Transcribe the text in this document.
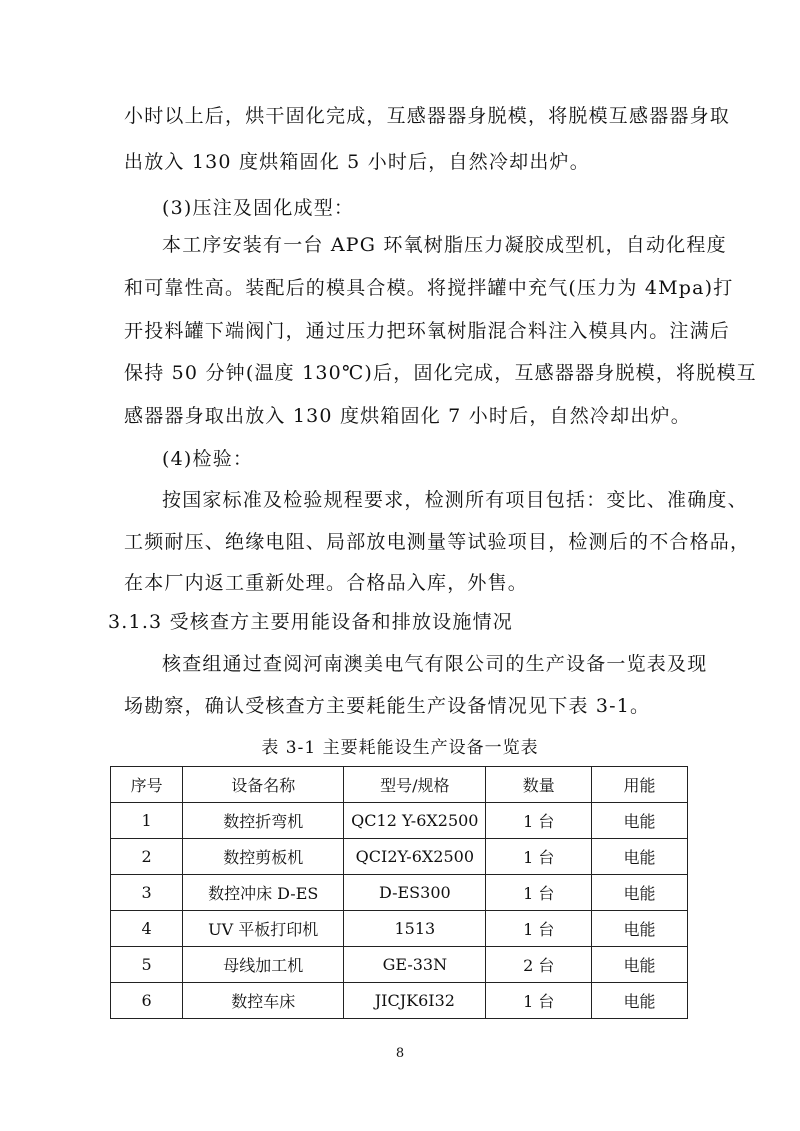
小时以上后，烘干固化完成，互感器器身脱模，将脱模互感器器身取
出放入 130 度烘箱固化 5 小时后，自然冷却出炉。
(3)压注及固化成型：
本工序安装有一台 APG 环氧树脂压力凝胶成型机，自动化程度
和可靠性高。装配后的模具合模。将搅拌罐中充气(压力为 4Mpa)打
开投料罐下端阀门，通过压力把环氧树脂混合料注入模具内。注满后
保持 50 分钟(温度 130℃)后，固化完成，互感器器身脱模，将脱模互
感器器身取出放入 130 度烘箱固化 7 小时后，自然冷却出炉。
(4)检验：
按国家标准及检验规程要求，检测所有项目包括：变比、准确度、
工频耐压、绝缘电阻、局部放电测量等试验项目，检测后的不合格品，
在本厂内返工重新处理。合格品入库，外售。
3.1.3 受核查方主要用能设备和排放设施情况
核查组通过查阅河南澳美电气有限公司的生产设备一览表及现
场勘察，确认受核查方主要耗能生产设备情况见下表 3-1。
表 3-1 主要耗能设生产设备一览表
序号	设备名称	型号/规格	数量	用能
1	数控折弯机	QC12 Y-6X2500	1 台	电能
2	数控剪板机	QCI2Y-6X2500	1 台	电能
3	数控冲床 D-ES	D-ES300	1 台	电能
4	UV 平板打印机	1513	1 台	电能
5	母线加工机	GE-33N	2 台	电能
6	数控车床	JICJK6I32	1 台	电能
8
